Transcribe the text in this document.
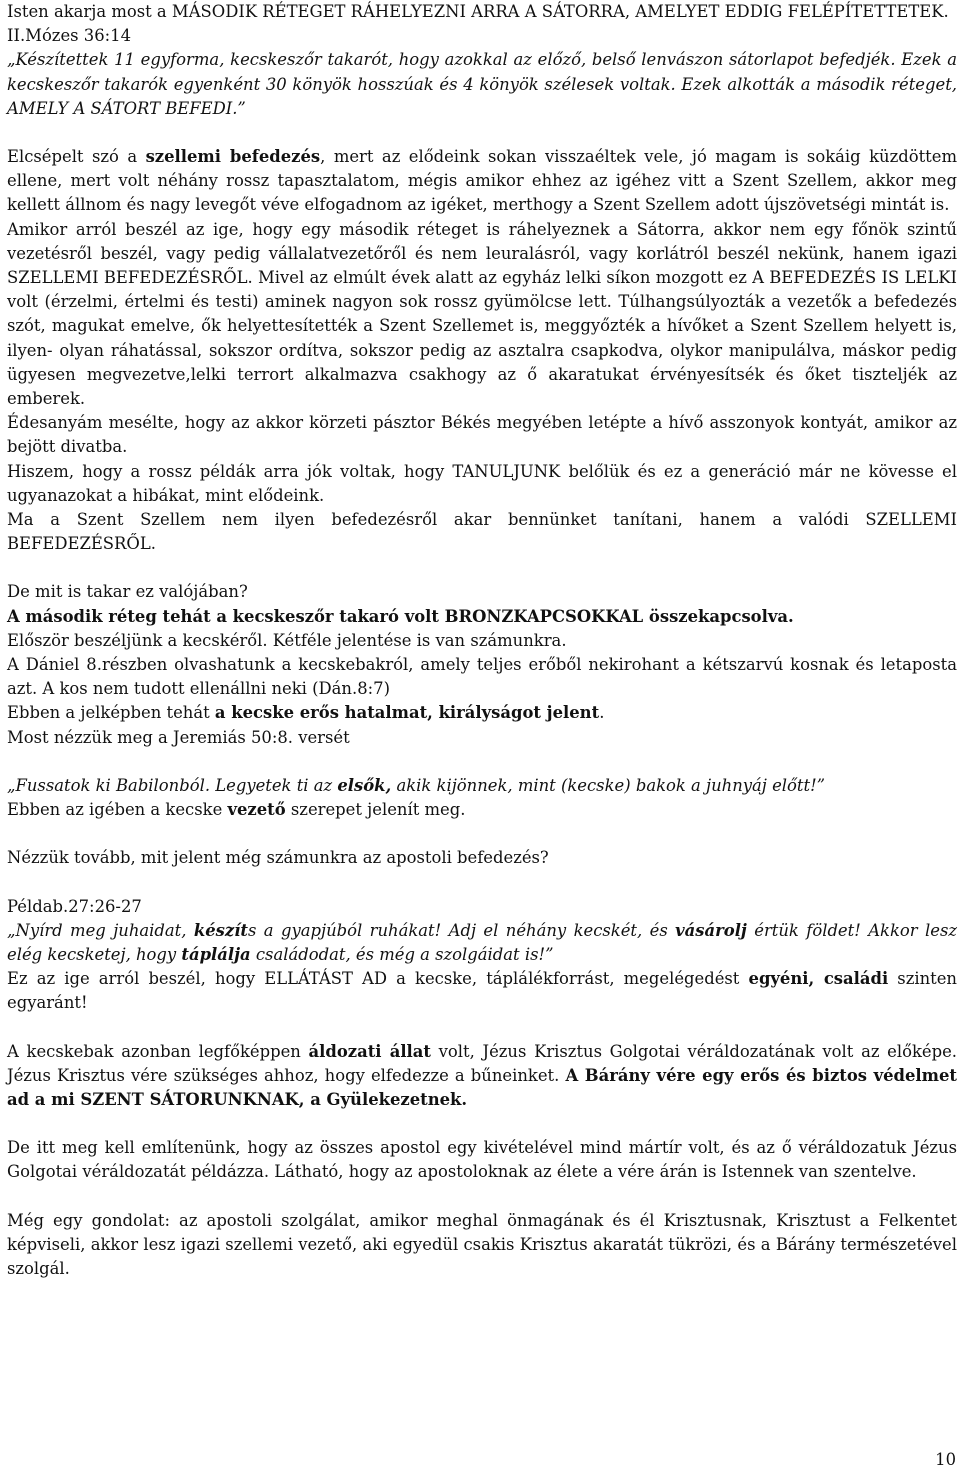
Isten akarja most a MÁSODIK RÉTEGET RÁHELYEZNI ARRA A SÁTORRA, AMELYET EDDIG FELÉPÍTETTETEK.

II.Mózes 36:14

„Készítettek 11 egyforma, kecskeszőr takarót, hogy azokkal az előző, belső lenvászon sátorlapot befedjék. Ezek a kecskeszőr takarók egyenként 30 könyök hosszúak és 4 könyök szélesek voltak. Ezek alkották a második réteget, AMELY A SÁTORT BEFEDI.”

Elcsépelt szó a szellemi befedezés, mert az elődeink sokan visszaéltek vele, jó magam is sokáig küzdöttem ellene, mert volt néhány rossz tapasztalatom, mégis amikor ehhez az igéhez vitt a Szent Szellem, akkor meg kellett állnom és nagy levegőt véve elfogadnom az igéket, merthogy a Szent Szellem adott újszövetségi mintát is.

Amikor arról beszél az ige, hogy egy második réteget is ráhelyeznek a Sátorra, akkor nem egy főnök szintű vezetésről beszél, vagy pedig vállalatvezetőről és nem leuralásról, vagy korlátról beszél nekünk, hanem igazi SZELLEMI BEFEDEZÉSRŐL. Mivel az elmúlt évek alatt az egyház lelki síkon mozgott ez A BEFEDEZÉS IS LELKI volt (érzelmi, értelmi és testi) aminek nagyon sok rossz gyümölcse lett. Túlhangsúlyozták a vezetők a befedezés szót, magukat emelve, ők helyettesítették a Szent Szellemet is, meggyőzték a hívőket a Szent Szellem helyett is, ilyen- olyan ráhatással, sokszor ordítva, sokszor pedig az asztalra csapkodva, olykor manipulálva, máskor pedig ügyesen megvezetve,lelki terrort alkalmazva csakhogy az ő akaratukat érvényesítsék és őket tiszteljék az emberek.

Édesanyám mesélte, hogy az akkor körzeti pásztor Békés megyében letépte a hívő asszonyok kontyát, amikor az bejött divatba.

Hiszem, hogy a rossz példák arra jók voltak, hogy TANULJUNK belőlük és ez a generáció már ne kövesse el ugyanazokat a hibákat, mint elődeink.

Ma a Szent Szellem nem ilyen befedezésről akar bennünket tanítani, hanem a valódi SZELLEMI BEFEDEZÉSRŐL.

De mit is takar ez valójában?

A második réteg tehát a kecskeszőr takaró volt BRONZKAPCSOKKAL összekapcsolva.

Először beszéljünk a kecskéről. Kétféle jelentése is van számunkra.

A Dániel 8.részben olvashatunk a kecskebakról, amely teljes erőből nekirohant a kétszarvú kosnak és letaposta azt. A kos nem tudott ellenállni neki (Dán.8:7)

Ebben a jelképben tehát a kecske erős hatalmat, királyságot jelent.

Most nézzük meg a Jeremiás 50:8. versét

„Fussatok ki Babilonból. Legyetek ti az elsők, akik kijönnek, mint (kecske) bakok a juhnyáj előtt!”

Ebben az igében a kecske vezető szerepet jelenít meg.

Nézzük tovább, mit jelent még számunkra az apostoli befedezés?

Példab.27:26-27

„Nyírd meg juhaidat, készíts a gyapjúból ruhákat! Adj el néhány kecskét, és vásárolj értük földet! Akkor lesz elég kecsketej, hogy táplálja családodat, és még a szolgáidat is!”

Ez az ige arról beszél, hogy ELLÁTÁST AD a kecske, táplálékforrást, megelégedést egyéni, családi szinten egyaránt!

A kecskebak azonban legfőképpen áldozati állat volt, Jézus Krisztus Golgotai véráldozatának volt az előképe. Jézus Krisztus vére szükséges ahhoz, hogy elfedezze a bűneinket. A Bárány vére egy erős és biztos védelmet ad a mi SZENT SÁTORUNKNAK, a Gyülekezetnek.

De itt meg kell említenünk, hogy az összes apostol egy kivételével mind mártír volt, és az ő véráldozatuk Jézus Golgotai véráldozatát példázza. Látható, hogy az apostoloknak az élete a vére árán is Istennek van szentelve.

Még egy gondolat: az apostoli szolgálat, amikor meghal önmagának és él Krisztusnak, Krisztust a Felkentet képviseli, akkor lesz igazi szellemi vezető, aki egyedül csakis Krisztus akaratát tükrözi, és a Bárány természetével szolgál.

10
